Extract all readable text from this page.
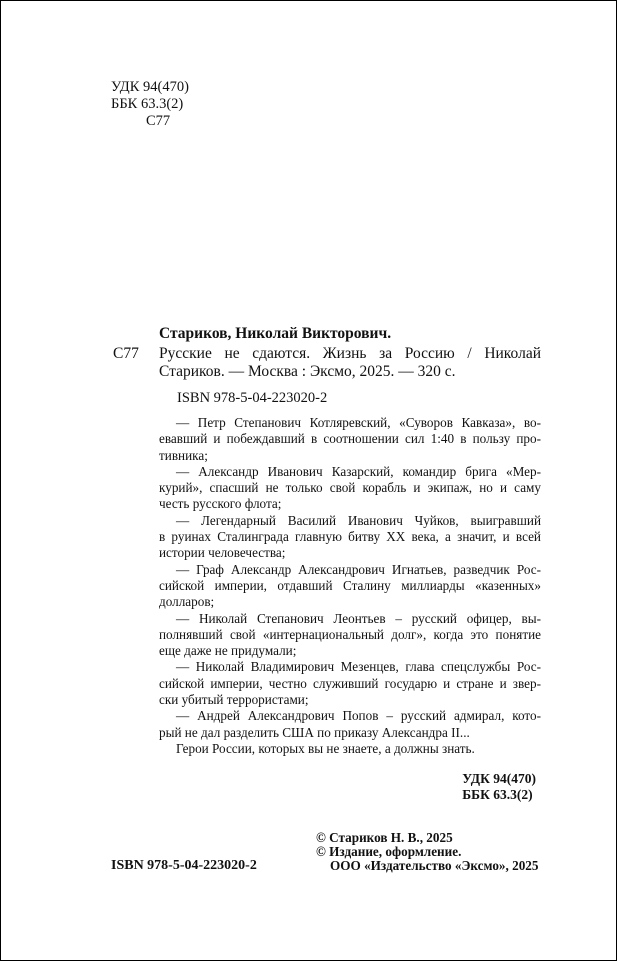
УДК 94(470)
ББК 63.3(2)
С77
Стариков, Николай Викторович.
С77 Русские не сдаются. Жизнь за Россию / Николай
Стариков. — Москва : Эксмо, 2025. — 320 с.
ISBN 978-5-04-223020-2
— Петр Степанович Котляревский, «Суворов Кавказа», во-
евавший и побеждавший в соотношении сил 1:40 в пользу про-
тивника;
— Александр Иванович Казарский, командир брига «Мер-
курий», спасший не только свой корабль и экипаж, но и саму
честь русского флота;
— Легендарный Василий Иванович Чуйков, выигравший
в руинах Сталинграда главную битву XX века, а значит, и всей
истории человечества;
— Граф Александр Александрович Игнатьев, разведчик Рос-
сийской империи, отдавший Сталину миллиарды «казенных»
долларов;
— Николай Степанович Леонтьев – русский офицер, вы-
полнявший свой «интернациональный долг», когда это понятие
еще даже не придумали;
— Николай Владимирович Мезенцев, глава спецслужбы Рос-
сийской империи, честно служивший государю и стране и звер-
ски убитый террористами;
— Андрей Александрович Попов – русский адмирал, кото-
рый не дал разделить США по приказу Александра II...
Герои России, которых вы не знаете, а должны знать.
УДК 94(470)
ББК 63.3(2)
© Стариков Н. В., 2025
© Издание, оформление.
ООО «Издательство «Эксмо», 2025
ISBN 978-5-04-223020-2
